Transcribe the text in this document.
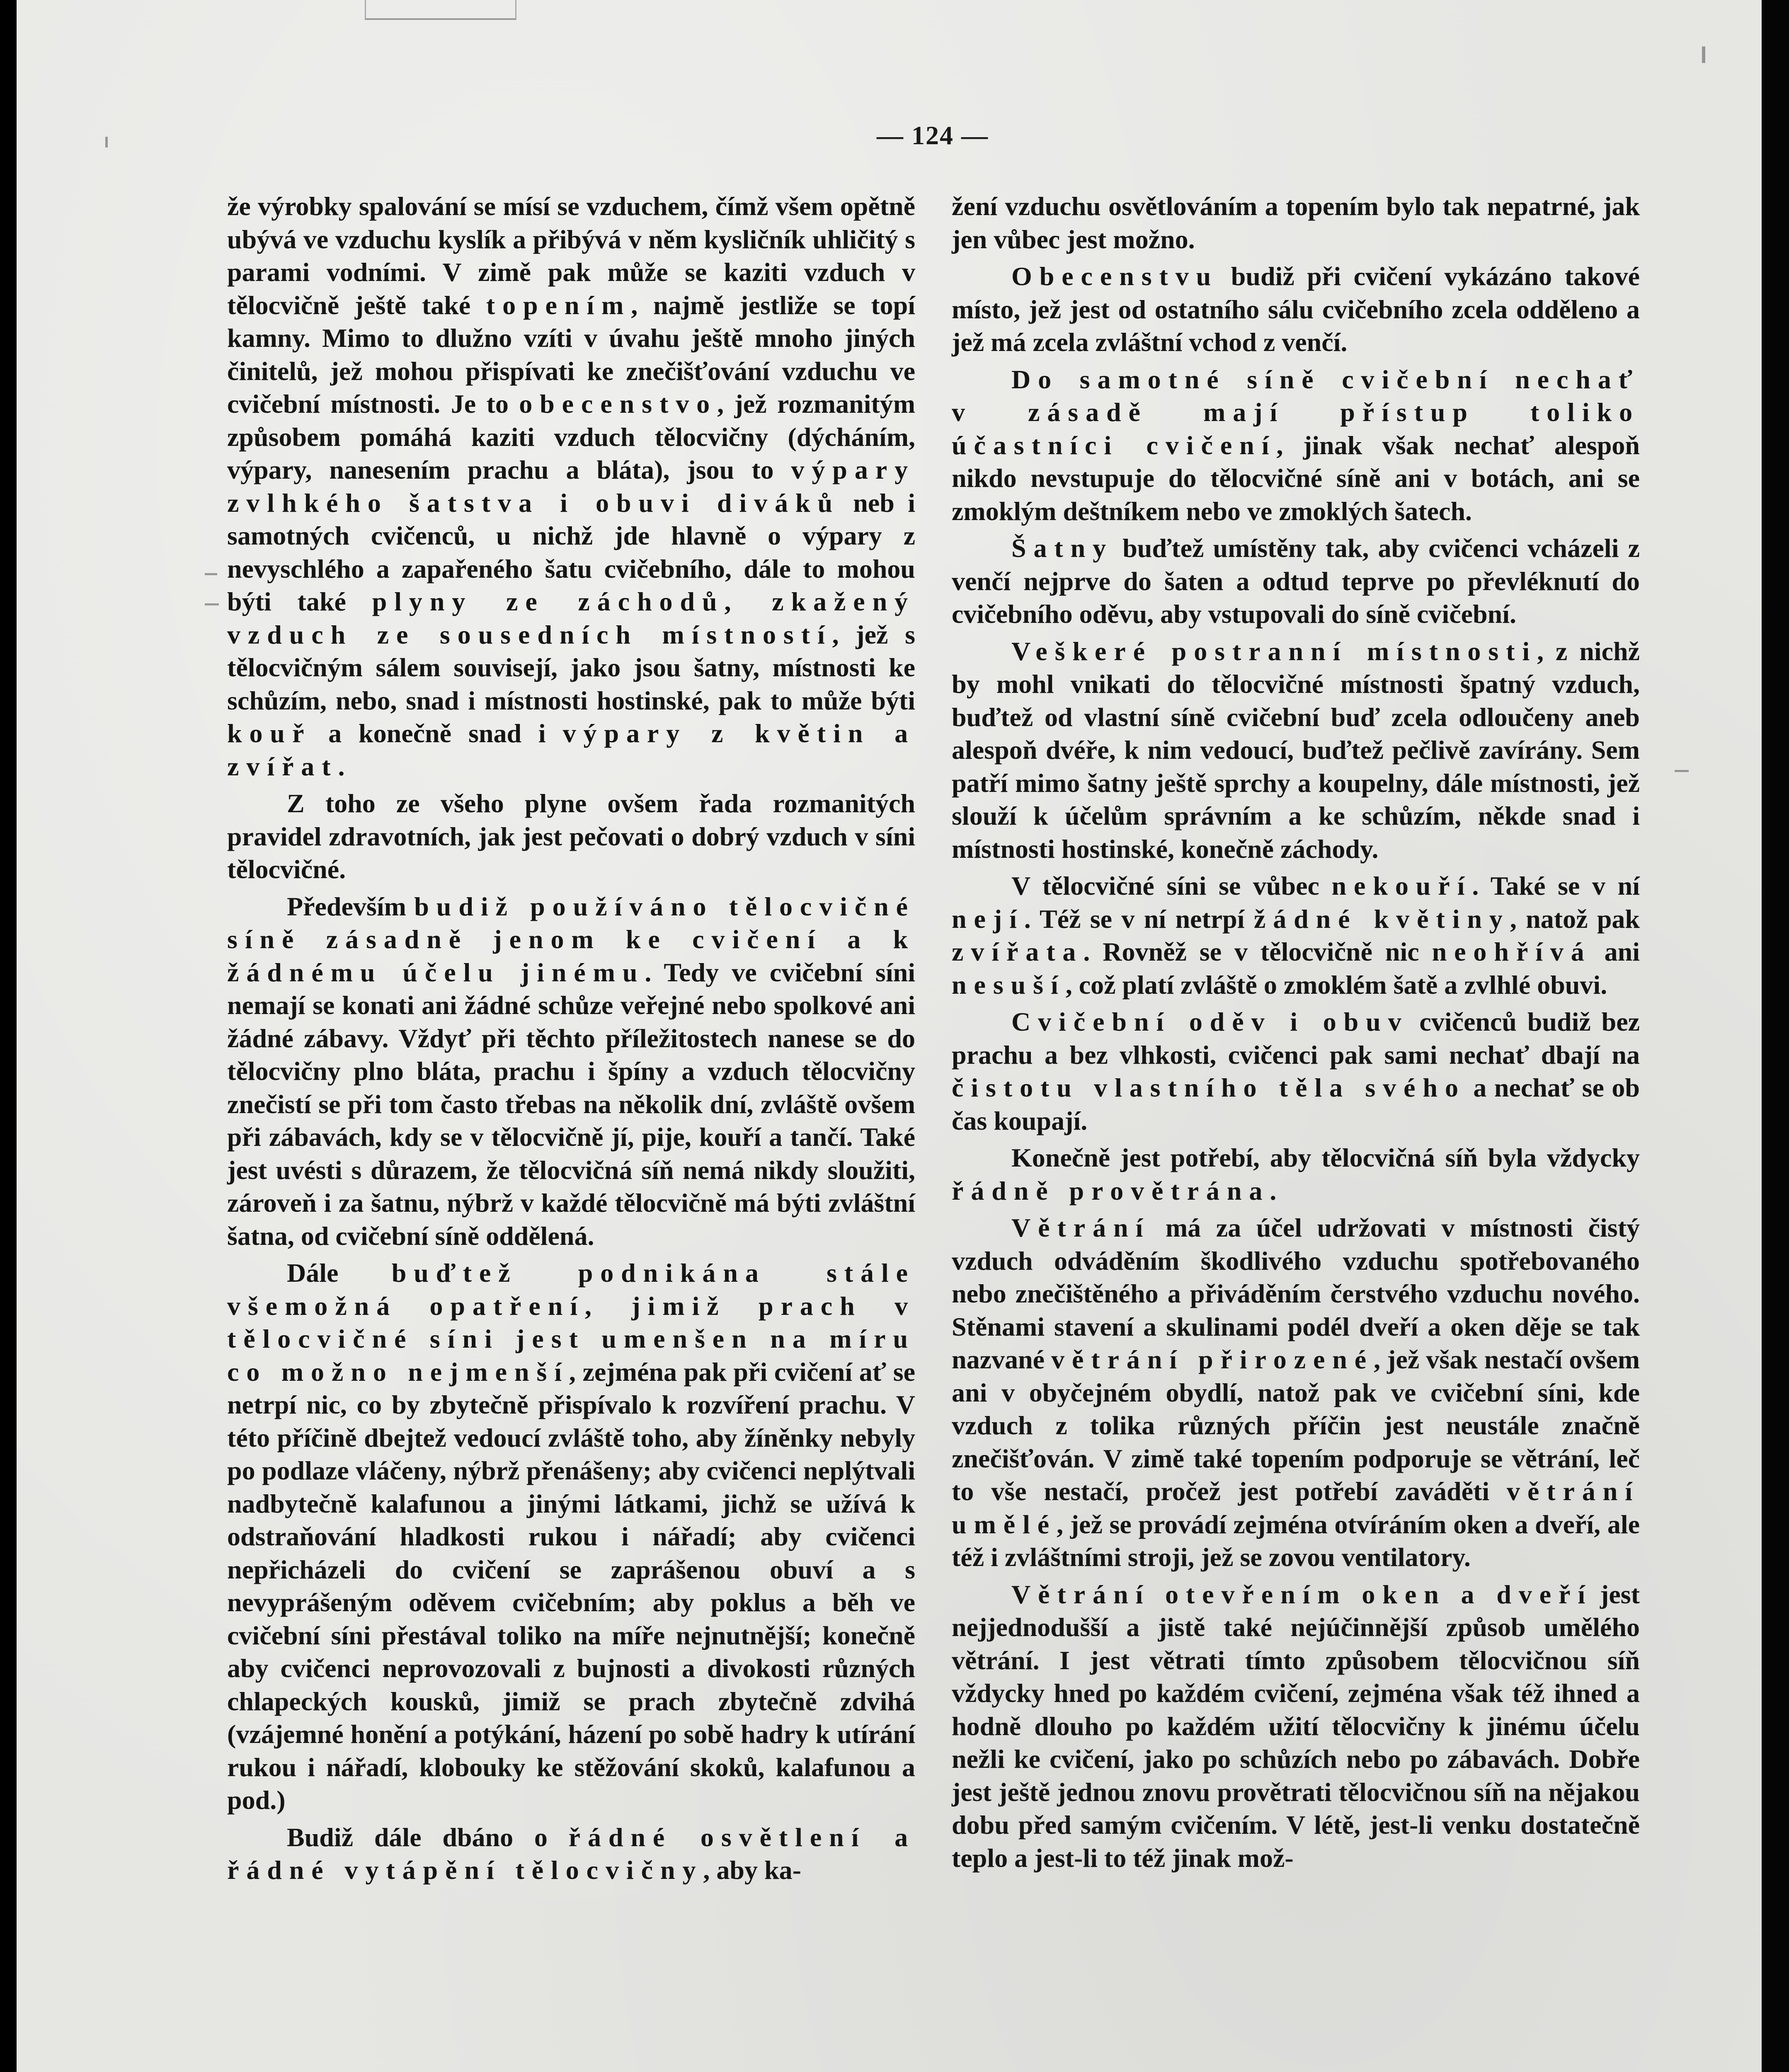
— 124 —

že výrobky spalování se mísí se vzduchem, čímž všem opětně ubývá ve vzduchu kyslík a přibývá v něm kysličník uhličitý s parami vodními. V zimě pak může se kaziti vzduch v tělocvičně ještě také topením, najmě jestliže se topí kamny. Mimo to dlužno vzíti v úvahu ještě mnoho jiných činitelů, jež mohou přispívati ke znečišťování vzduchu ve cvičební místnosti. Je to obecenstvo, jež rozmanitým způsobem pomáhá kaziti vzduch tělocvičny (dýcháním, výpary, nanesením prachu a bláta), jsou to výpary zvlhkého šatstva i obuvi diváků neb i samotných cvičenců, u nichž jde hlavně o výpary z nevyschlého a zapařeného šatu cvičebního, dále to mohou býti také plyny ze záchodů, zkažený vzduch ze sousedních místností, jež s tělocvičným sálem souvisejí, jako jsou šatny, místnosti ke schůzím, nebo, snad i místnosti hostinské, pak to může býti kouř a konečně snad i výpary z květin a zvířat.

Z toho ze všeho plyne ovšem řada rozmanitých pravidel zdravotních, jak jest pečovati o dobrý vzduch v síni tělocvičné.

Především budiž používáno tělocvičné síně zásadně jenom ke cvičení a k žádnému účelu jinému. Tedy ve cvičební síni nemají se konati ani žádné schůze veřejné nebo spolkové ani žádné zábavy. Vždyť při těchto příležitostech nanese se do tělocvičny plno bláta, prachu i špíny a vzduch tělocvičny znečistí se při tom často třebas na několik dní, zvláště ovšem při zábavách, kdy se v tělocvičně jí, pije, kouří a tančí. Také jest uvésti s důrazem, že tělocvičná síň nemá nikdy sloužiti, zároveň i za šatnu, nýbrž v každé tělocvičně má býti zvláštní šatna, od cvičební síně oddělená.

Dále buďtež podnikána stále všemožná opatření, jimiž prach v tělocvičné síni jest umenšen na míru co možno nejmenší, zejména pak při cvičení ať se netrpí nic, co by zbytečně přispívalo k rozvíření prachu. V této příčině dbejtež vedoucí zvláště toho, aby žíněnky nebyly po podlaze vláčeny, nýbrž přenášeny; aby cvičenci neplýtvali nadbytečně kalafunou a jinými látkami, jichž se užívá k odstraňování hladkosti rukou i nářadí; aby cvičenci nepřicházeli do cvičení se zaprášenou obuví a s nevyprášeným oděvem cvičebním; aby poklus a běh ve cvičební síni přestával toliko na míře nejnutnější; konečně aby cvičenci neprovozovali z bujnosti a divokosti různých chlapeckých kousků, jimiž se prach zbytečně zdvihá (vzájemné honění a potýkání, házení po sobě hadry k utírání rukou i nářadí, klobouky ke stěžování skoků, kalafunou a pod.)

Budiž dále dbáno o řádné osvětlení a řádné vytápění tělocvičny, aby ka-

žení vzduchu osvětlováním a topením bylo tak nepatrné, jak jen vůbec jest možno.

Obecenstvu budiž při cvičení vykázáno takové místo, jež jest od ostatního sálu cvičebního zcela odděleno a jež má zcela zvláštní vchod z venčí.

Do samotné síně cvičební nechať v zásadě mají přístup toliko účastníci cvičení, jinak však nechať alespoň nikdo nevstupuje do tělocvičné síně ani v botách, ani se zmoklým deštníkem nebo ve zmoklých šatech.

Šatny buďtež umístěny tak, aby cvičenci vcházeli z venčí nejprve do šaten a odtud teprve po převléknutí do cvičebního oděvu, aby vstupovali do síně cvičební.

Veškeré postranní místnosti, z nichž by mohl vnikati do tělocvičné místnosti špatný vzduch, buďtež od vlastní síně cvičební buď zcela odloučeny aneb alespoň dvéře, k nim vedoucí, buďtež pečlivě zavírány. Sem patří mimo šatny ještě sprchy a koupelny, dále místnosti, jež slouží k účelům správním a ke schůzím, někde snad i místnosti hostinské, konečně záchody.

V tělocvičné síni se vůbec nekouří. Také se v ní nejí. Též se v ní netrpí žádné květiny, natož pak zvířata. Rovněž se v tělocvičně nic neohřívá ani nesuší, což platí zvláště o zmoklém šatě a zvlhlé obuvi.

Cvičební oděv i obuv cvičenců budiž bez prachu a bez vlhkosti, cvičenci pak sami nechať dbají na čistotu vlastního těla svého a nechať se ob čas koupají.

Konečně jest potřebí, aby tělocvičná síň byla vždycky řádně provětrána.

Větrání má za účel udržovati v místnosti čistý vzduch odváděním škodlivého vzduchu spotřebovaného nebo znečištěného a přiváděním čerstvého vzduchu nového. Stěnami stavení a skulinami podél dveří a oken děje se tak nazvané větrání přirozené, jež však nestačí ovšem ani v obyčejném obydlí, natož pak ve cvičební síni, kde vzduch z tolika různých příčin jest neustále značně znečišťován. V zimě také topením podporuje se větrání, leč to vše nestačí, pročež jest potřebí zaváděti větrání umělé, jež se provádí zejména otvíráním oken a dveří, ale též i zvláštními stroji, jež se zovou ventilatory.

Větrání otevřením oken a dveří jest nejjednodušší a jistě také nejúčinnější způsob umělého větrání. I jest větrati tímto způsobem tělocvičnou síň vždycky hned po každém cvičení, zejména však též ihned a hodně dlouho po každém užití tělocvičny k jinému účelu nežli ke cvičení, jako po schůzích nebo po zábavách. Dobře jest ještě jednou znovu provětrati tělocvičnou síň na nějakou dobu před samým cvičením. V létě, jest-li venku dostatečně teplo a jest-li to též jinak mož-
